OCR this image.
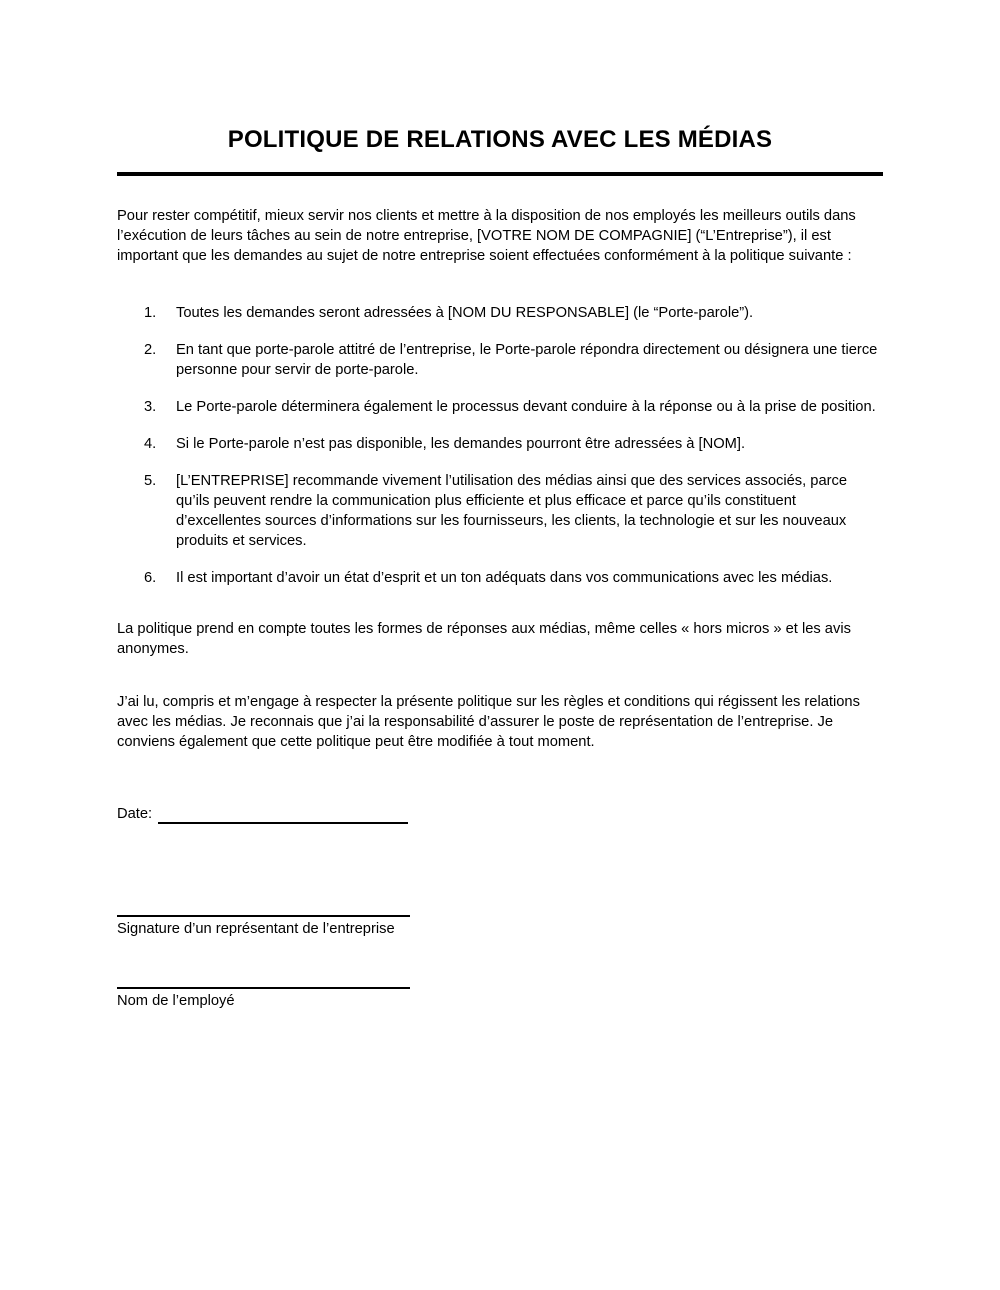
POLITIQUE DE RELATIONS AVEC LES MÉDIAS

Pour rester compétitif, mieux servir nos clients et mettre à la disposition de nos employés les meilleurs outils dans l’exécution de leurs tâches au sein de notre entreprise, [VOTRE NOM DE COMPAGNIE] (“L’Entreprise”), il est important que les demandes au sujet de notre entreprise soient effectuées conformément à la politique suivante :

1.	Toutes les demandes seront adressées à [NOM DU RESPONSABLE] (le “Porte-parole”).
2.	En tant que porte-parole attitré de l’entreprise, le Porte-parole répondra directement ou désignera une tierce personne pour servir de porte-parole.
3.	Le Porte-parole déterminera également le processus devant conduire à la réponse ou à la prise de position.
4.	Si le Porte-parole n’est pas disponible, les demandes pourront être adressées à [NOM].
5.	[L’ENTREPRISE] recommande vivement l’utilisation des médias ainsi que des services associés, parce qu’ils peuvent rendre la communication plus efficiente et plus efficace et parce qu’ils constituent d’excellentes sources d’informations sur les fournisseurs, les clients, la technologie et sur les nouveaux produits et services.
6.	Il est important d’avoir un état d’esprit et un ton adéquats dans vos communications avec les médias.

La politique prend en compte toutes les formes de réponses aux médias, même celles « hors micros » et les avis anonymes.

J’ai lu, compris et m’engage à respecter la présente politique sur les règles et conditions qui régissent les relations avec les médias. Je reconnais que j’ai la responsabilité d’assurer le poste de représentation de l’entreprise. Je conviens également que cette politique peut être modifiée à tout moment.

Date:
Signature d’un représentant de l’entreprise
Nom de l’employé
